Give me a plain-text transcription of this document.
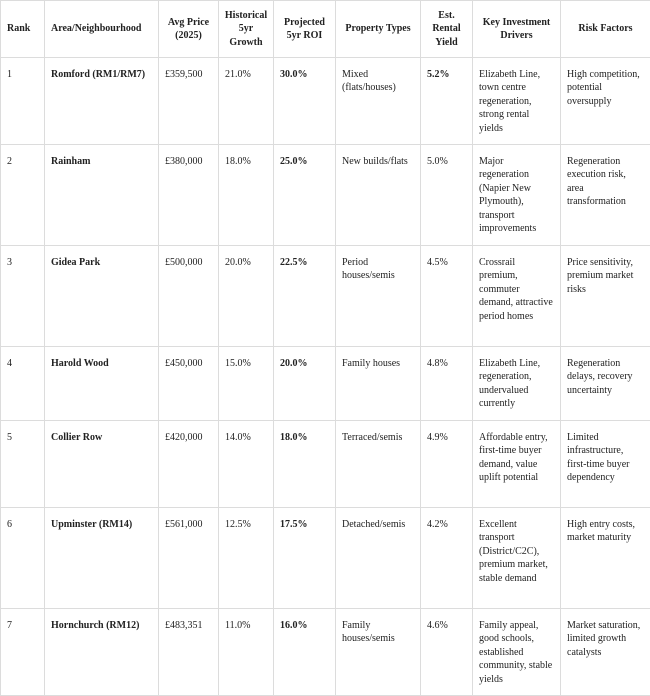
Rank	Area/Neighbourhood	Avg Price (2025)	Historical 5yr Growth	Projected 5yr ROI	Property Types	Est. Rental Yield	Key Investment Drivers	Risk Factors
1	Romford (RM1/RM7)	£359,500	21.0%	30.0%	Mixed (flats/houses)	5.2%	Elizabeth Line, town centre regeneration, strong rental yields	High competition, potential oversupply
2	Rainham	£380,000	18.0%	25.0%	New builds/flats	5.0%	Major regeneration (Napier New Plymouth), transport improvements	Regeneration execution risk, area transformation
3	Gidea Park	£500,000	20.0%	22.5%	Period houses/semis	4.5%	Crossrail premium, commuter demand, attractive period homes	Price sensitivity, premium market risks
4	Harold Wood	£450,000	15.0%	20.0%	Family houses	4.8%	Elizabeth Line, regeneration, undervalued currently	Regeneration delays, recovery uncertainty
5	Collier Row	£420,000	14.0%	18.0%	Terraced/semis	4.9%	Affordable entry, first-time buyer demand, value uplift potential	Limited infrastructure, first-time buyer dependency
6	Upminster (RM14)	£561,000	12.5%	17.5%	Detached/semis	4.2%	Excellent transport (District/C2C), premium market, stable demand	High entry costs, market maturity
7	Hornchurch (RM12)	£483,351	11.0%	16.0%	Family houses/semis	4.6%	Family appeal, good schools, established community, stable yields	Market saturation, limited growth catalysts
